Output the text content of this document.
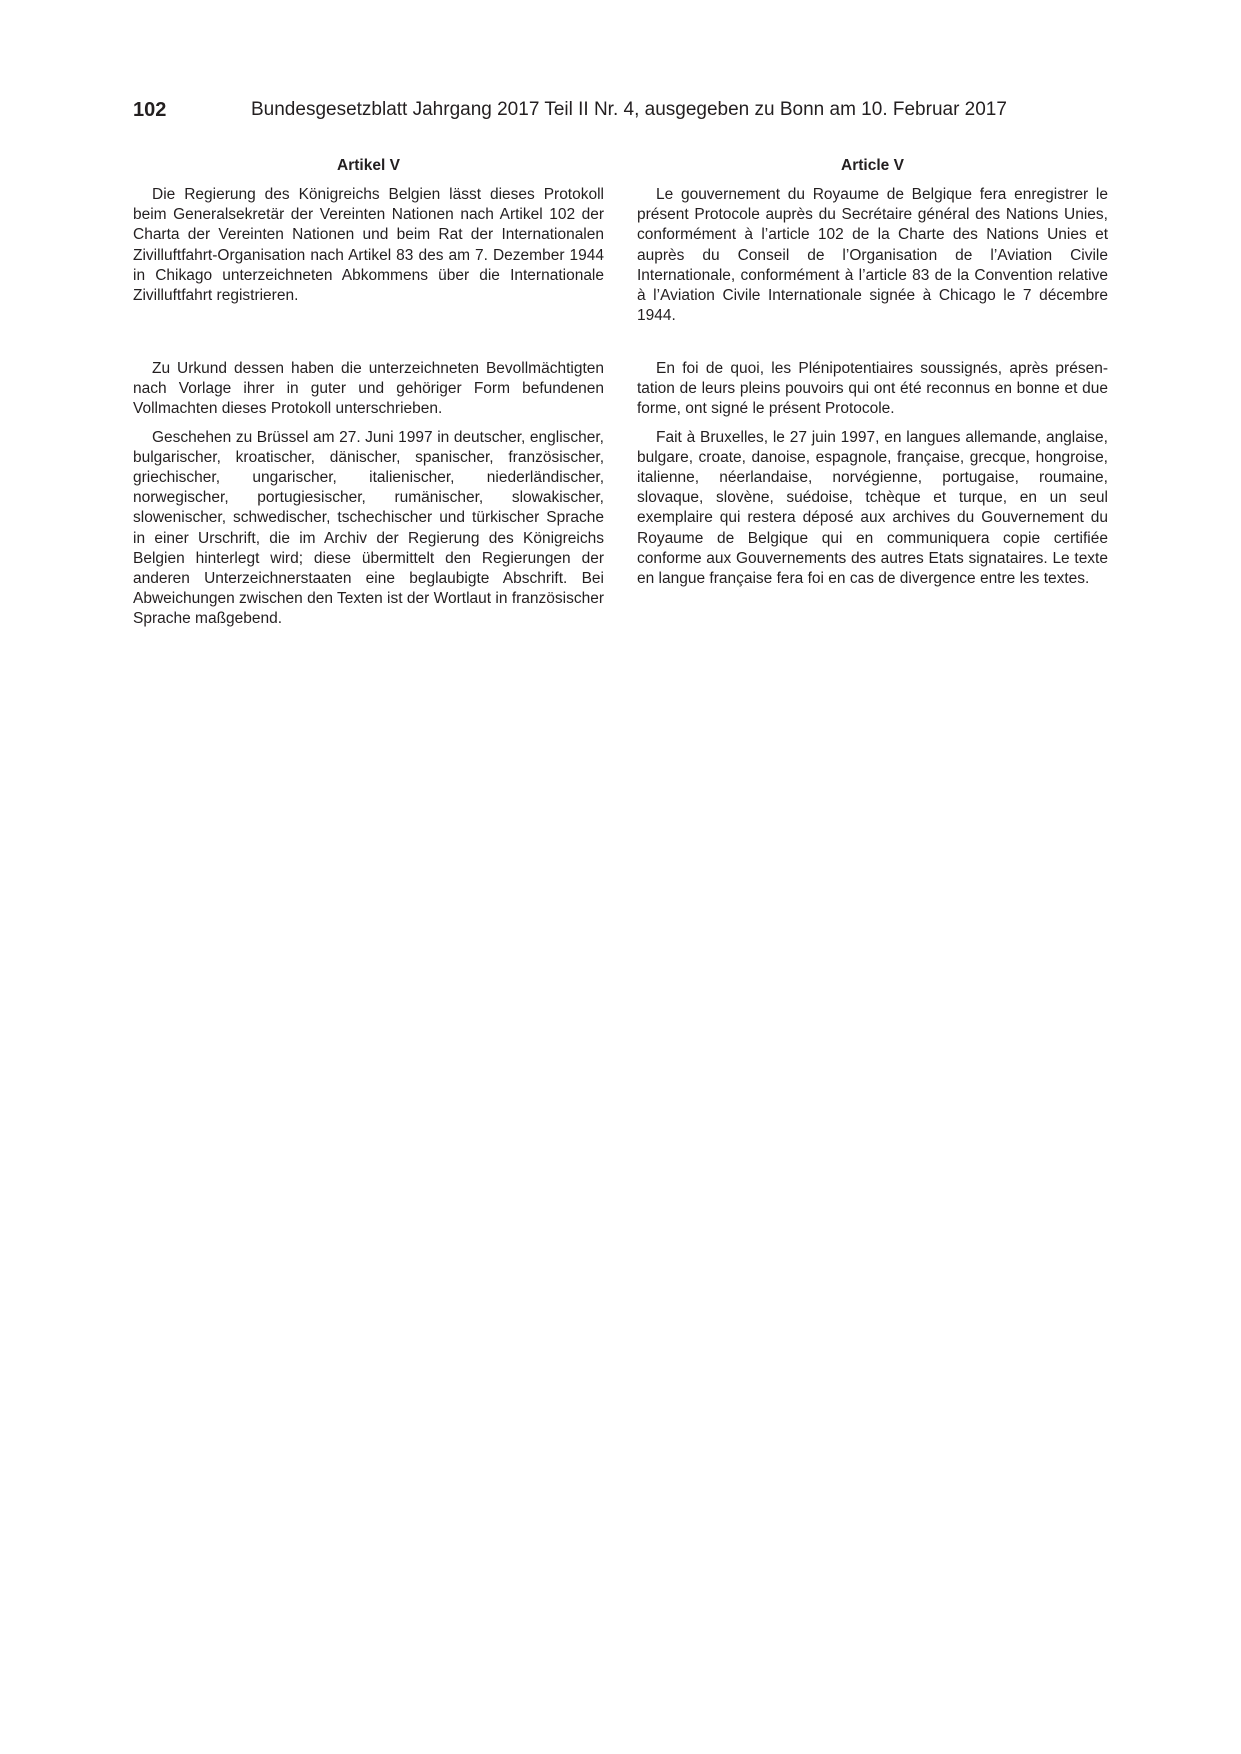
102	Bundesgesetzblatt Jahrgang 2017 Teil II Nr. 4, ausgegeben zu Bonn am 10. Februar 2017
Artikel V

Die Regierung des Königreichs Belgien lässt dieses Protokoll beim Generalsekretär der Vereinten Nationen nach Artikel 102 der Charta der Vereinten Nationen und beim Rat der Internationalen Zivilluftfahrt-Organisation nach Artikel 83 des am 7. Dezember 1944 in Chikago unterzeichneten Abkommens über die Internationale Zivilluftfahrt registrieren.

Zu Urkund dessen haben die unterzeichneten Bevollmächtigten nach Vorlage ihrer in guter und gehöriger Form befundenen Vollmachten dieses Protokoll unterschrieben.

Geschehen zu Brüssel am 27. Juni 1997 in deutscher, englischer, bulgarischer, kroatischer, dänischer, spanischer, französischer, griechischer, ungarischer, italienischer, niederländischer, norwegischer, portugiesischer, rumänischer, slowakischer, slowenischer, schwedischer, tschechischer und türkischer Sprache in einer Urschrift, die im Archiv der Regierung des Königreichs Belgien hinterlegt wird; diese übermittelt den Regierungen der anderen Unterzeichnerstaaten eine beglaubigte Abschrift. Bei Abweichungen zwischen den Texten ist der Wortlaut in französischer Sprache maßgebend.

Article V

Le gouvernement du Royaume de Belgique fera enregistrer le présent Protocole auprès du Secrétaire général des Nations Unies, conformément à l’article 102 de la Charte des Nations Unies et auprès du Conseil de l’Organisation de l’Aviation Civile Internationale, conformément à l’article 83 de la Convention relative à l’Aviation Civile Internationale signée à Chicago le 7 décembre 1944.

En foi de quoi, les Plénipotentiaires soussignés, après présentation de leurs pleins pouvoirs qui ont été reconnus en bonne et due forme, ont signé le présent Protocole.

Fait à Bruxelles, le 27 juin 1997, en langues allemande, anglaise, bulgare, croate, danoise, espagnole, française, grecque, hongroise, italienne, néerlandaise, norvégienne, portugaise, roumaine, slovaque, slovène, suédoise, tchèque et turque, en un seul exemplaire qui restera déposé aux archives du Gouvernement du Royaume de Belgique qui en communiquera copie certifiée conforme aux Gouvernements des autres Etats signataires. Le texte en langue française fera foi en cas de divergence entre les textes.
